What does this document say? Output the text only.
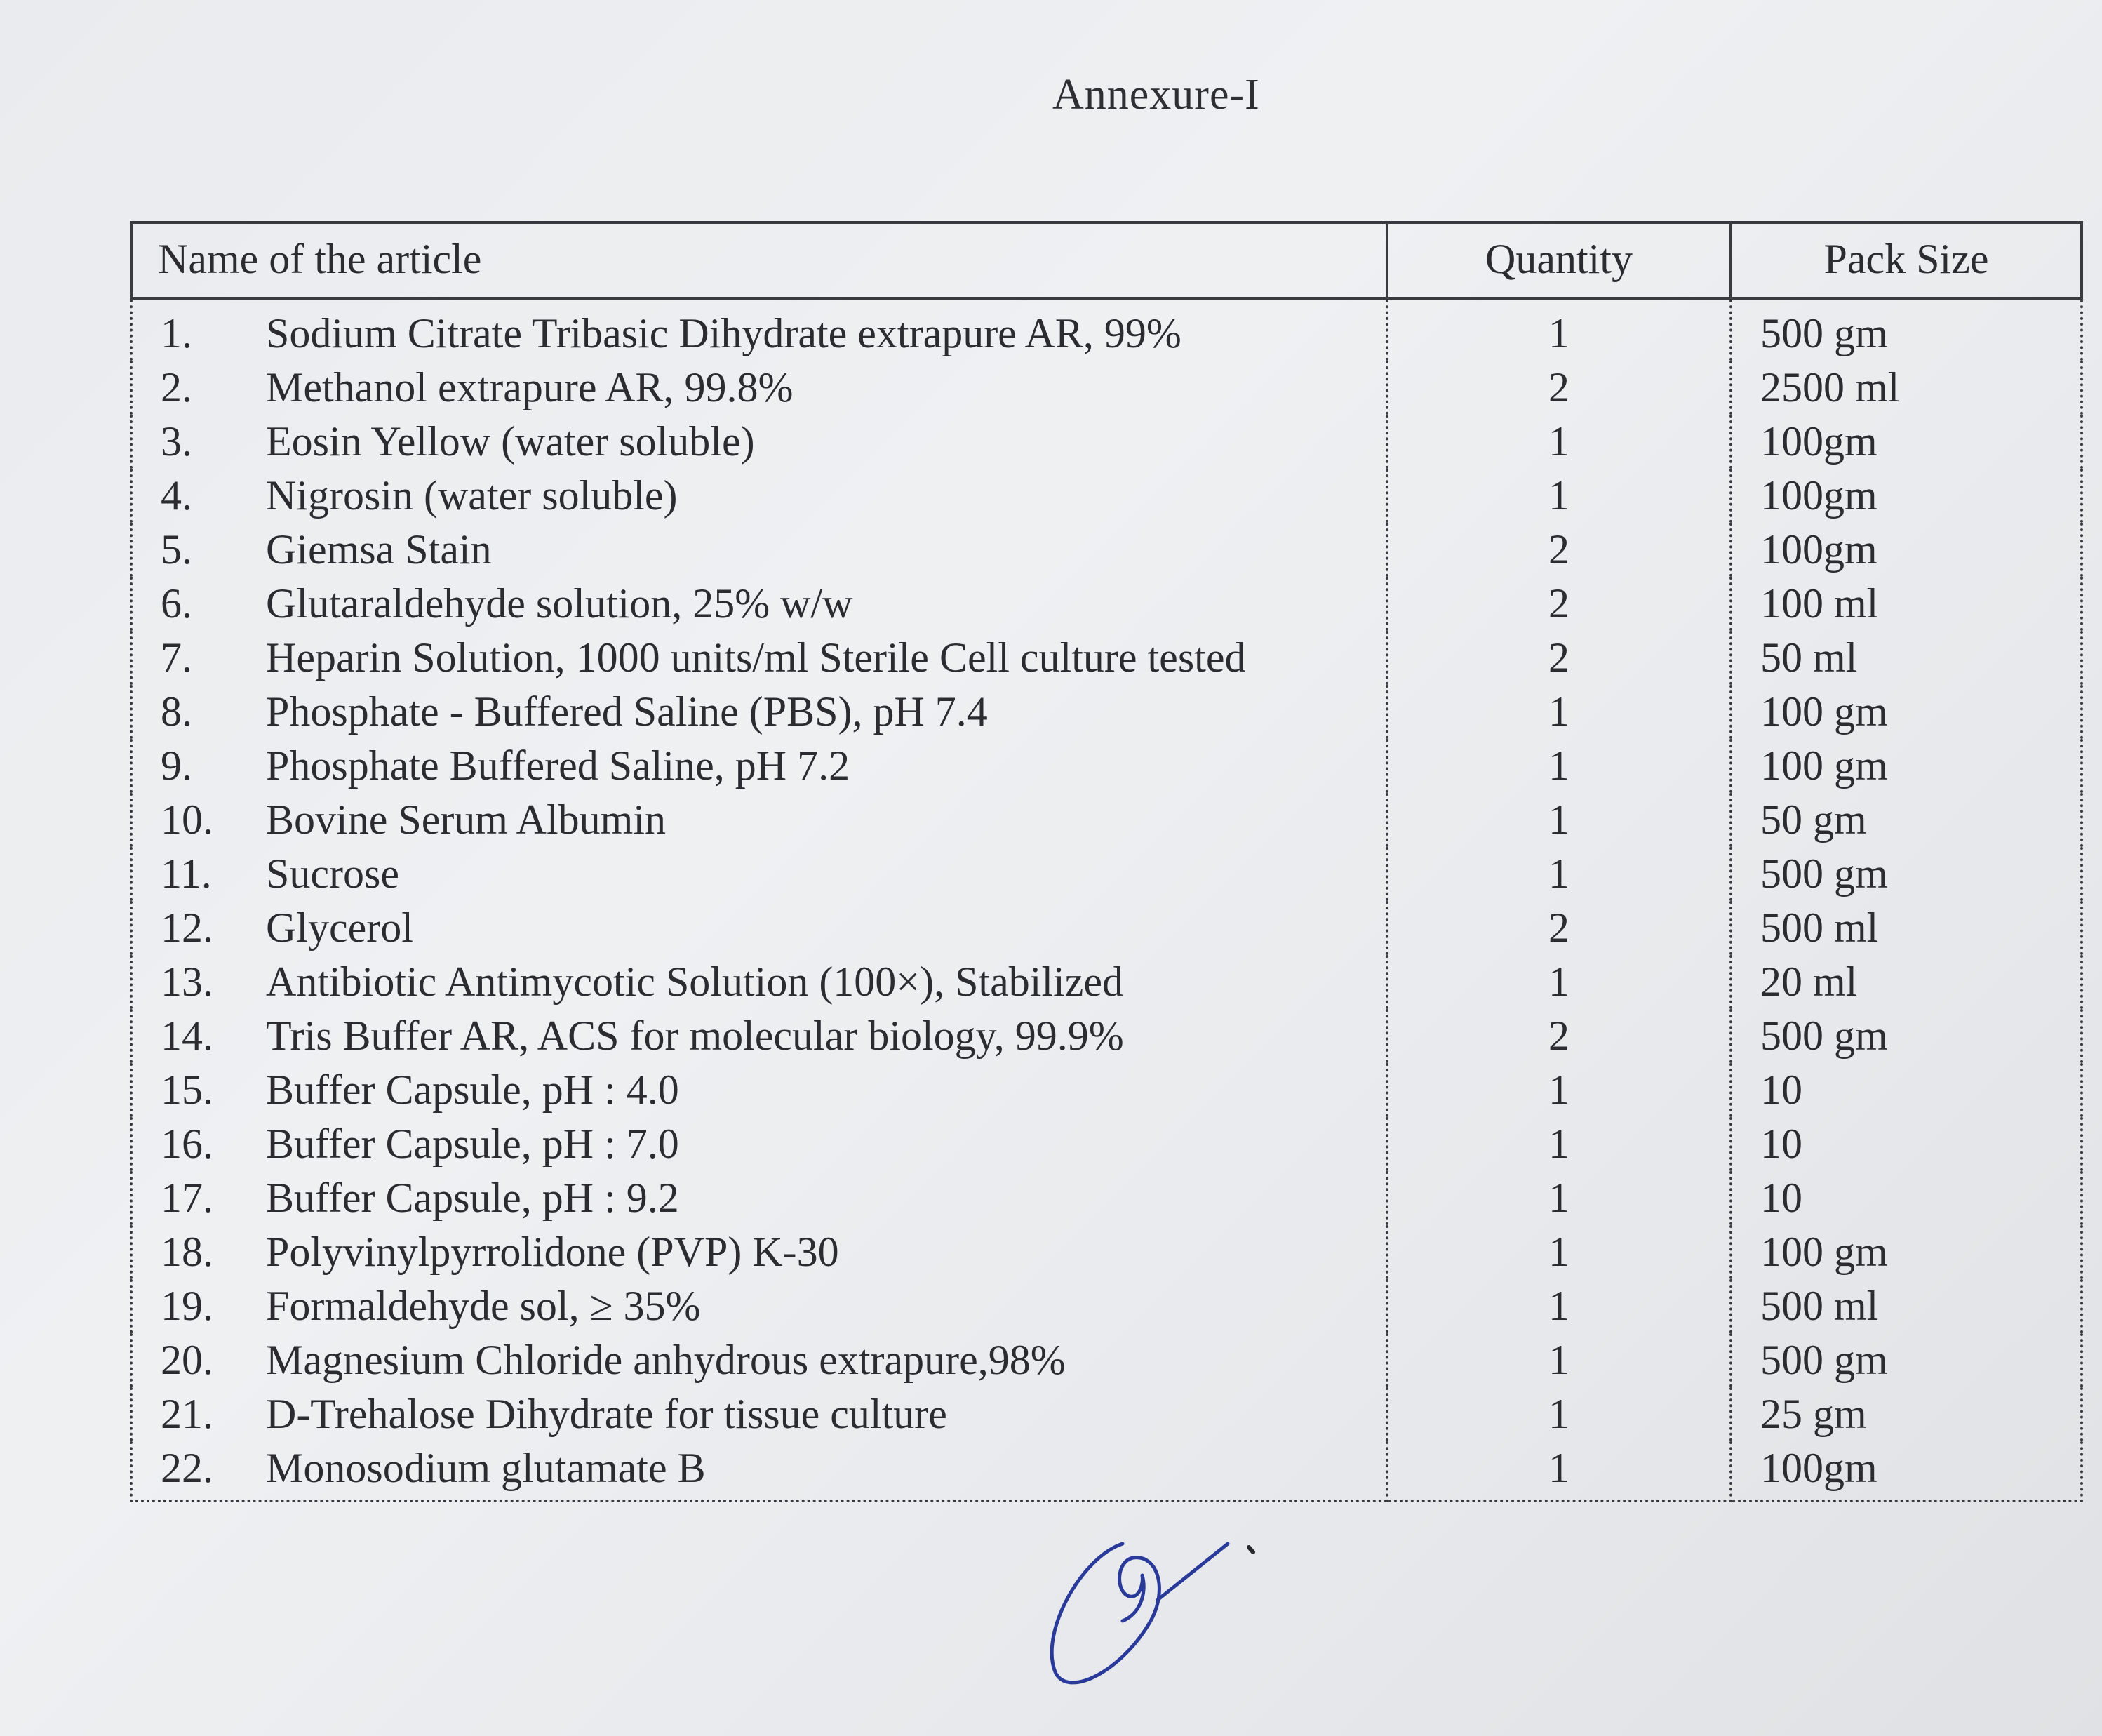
Annexure-I
Name of the article	Quantity	Pack Size
1. Sodium Citrate Tribasic Dihydrate extrapure AR, 99%	1	500 gm
2. Methanol extrapure AR, 99.8%	2	2500 ml
3. Eosin Yellow (water soluble)	1	100gm
4. Nigrosin (water soluble)	1	100gm
5. Giemsa Stain	2	100gm
6. Glutaraldehyde solution, 25% w/w	2	100 ml
7. Heparin Solution, 1000 units/ml Sterile Cell culture tested	2	50 ml
8. Phosphate - Buffered Saline (PBS), pH 7.4	1	100 gm
9. Phosphate Buffered Saline, pH 7.2	1	100 gm
10. Bovine Serum Albumin	1	50 gm
11. Sucrose	1	500 gm
12. Glycerol	2	500 ml
13. Antibiotic Antimycotic Solution (100×), Stabilized	1	20 ml
14. Tris Buffer AR, ACS for molecular biology, 99.9%	2	500 gm
15. Buffer Capsule, pH : 4.0	1	10
16. Buffer Capsule, pH : 7.0	1	10
17. Buffer Capsule, pH : 9.2	1	10
18. Polyvinylpyrrolidone (PVP) K-30	1	100 gm
19. Formaldehyde sol, ≥ 35%	1	500 ml
20. Magnesium Chloride anhydrous extrapure,98%	1	500 gm
21. D-Trehalose Dihydrate for tissue culture	1	25 gm
22. Monosodium glutamate B	1	100gm
